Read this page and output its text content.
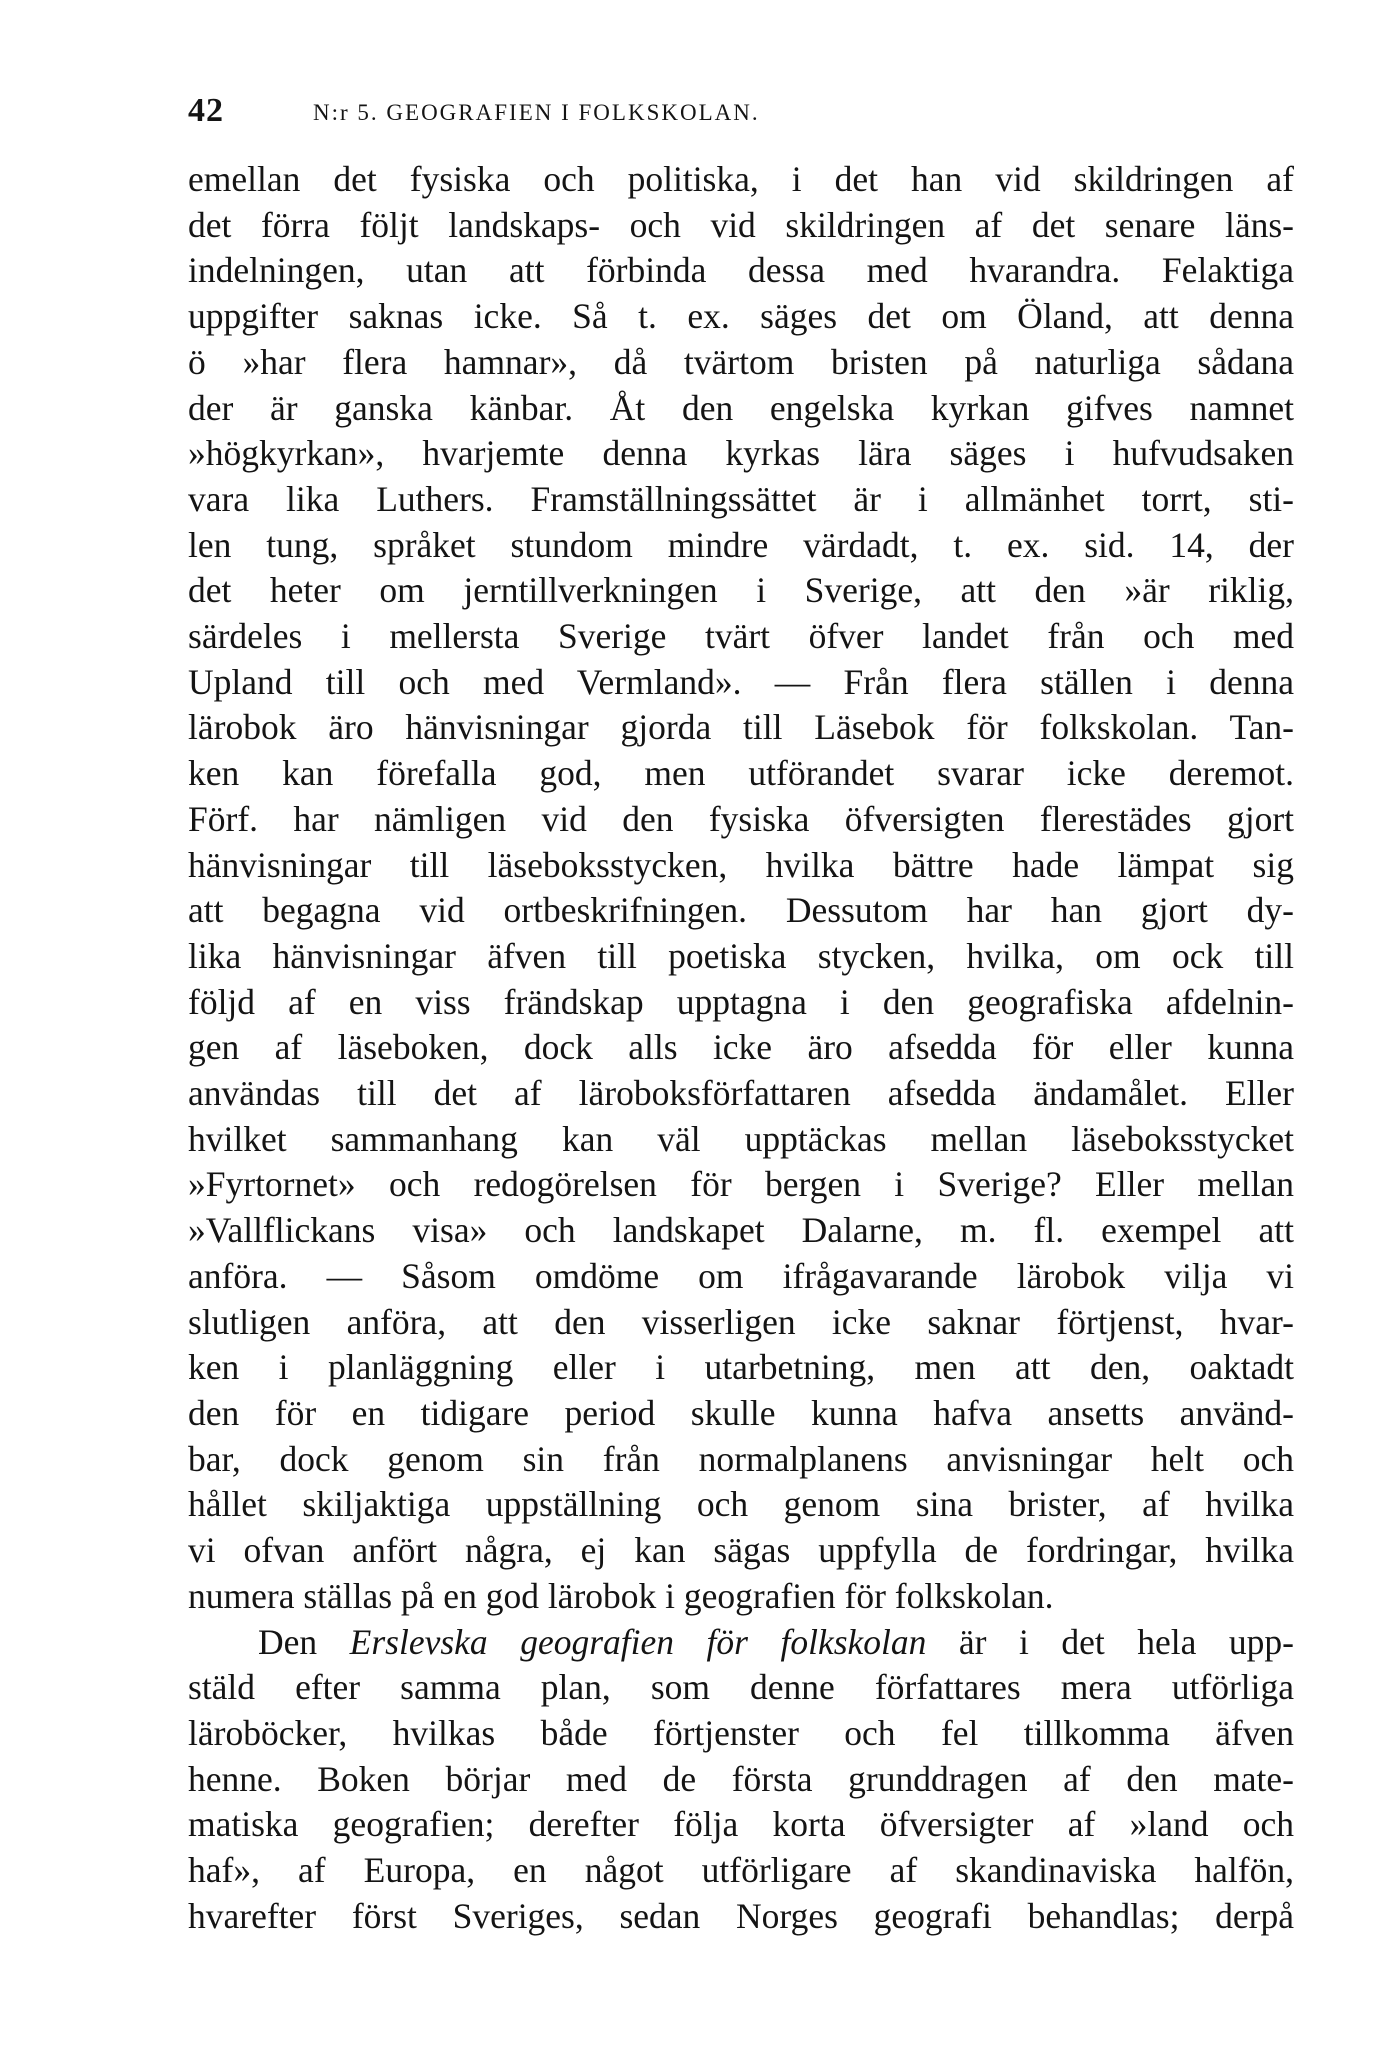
42	N:r 5. GEOGRAFIEN I FOLKSKOLAN.
emellan det fysiska och politiska, i det han vid skildringen af
det förra följt landskaps- och vid skildringen af det senare läns-
indelningen, utan att förbinda dessa med hvarandra. Felaktiga
uppgifter saknas icke. Så t. ex. säges det om Öland, att denna
ö »har flera hamnar», då tvärtom bristen på naturliga sådana
der är ganska känbar. Åt den engelska kyrkan gifves namnet
»högkyrkan», hvarjemte denna kyrkas lära säges i hufvudsaken
vara lika Luthers. Framställningssättet är i allmänhet torrt, sti-
len tung, språket stundom mindre värdadt, t. ex. sid. 14, der
det heter om jerntillverkningen i Sverige, att den »är riklig,
särdeles i mellersta Sverige tvärt öfver landet från och med
Upland till och med Vermland». — Från flera ställen i denna
lärobok äro hänvisningar gjorda till Läsebok för folkskolan. Tan-
ken kan förefalla god, men utförandet svarar icke deremot.
Förf. har nämligen vid den fysiska öfversigten flerestädes gjort
hänvisningar till läseboksstycken, hvilka bättre hade lämpat sig
att begagna vid ortbeskrifningen. Dessutom har han gjort dy-
lika hänvisningar äfven till poetiska stycken, hvilka, om ock till
följd af en viss frändskap upptagna i den geografiska afdelnin-
gen af läseboken, dock alls icke äro afsedda för eller kunna
användas till det af läroboksförfattaren afsedda ändamålet. Eller
hvilket sammanhang kan väl upptäckas mellan läseboksstycket
»Fyrtornet» och redogörelsen för bergen i Sverige? Eller mellan
»Vallflickans visa» och landskapet Dalarne, m. fl. exempel att
anföra. — Såsom omdöme om ifrågavarande lärobok vilja vi
slutligen anföra, att den visserligen icke saknar förtjenst, hvar-
ken i planläggning eller i utarbetning, men att den, oaktadt
den för en tidigare period skulle kunna hafva ansetts använd-
bar, dock genom sin från normalplanens anvisningar helt och
hållet skiljaktiga uppställning och genom sina brister, af hvilka
vi ofvan anfört några, ej kan sägas uppfylla de fordringar, hvilka
numera ställas på en god lärobok i geografien för folkskolan.
Den Erslevska geografien för folkskolan är i det hela upp-
stäld efter samma plan, som denne författares mera utförliga
läroböcker, hvilkas både förtjenster och fel tillkomma äfven
henne. Boken börjar med de första grunddragen af den mate-
matiska geografien; derefter följa korta öfversigter af »land och
haf», af Europa, en något utförligare af skandinaviska halfön,
hvarefter först Sveriges, sedan Norges geografi behandlas; derpå
